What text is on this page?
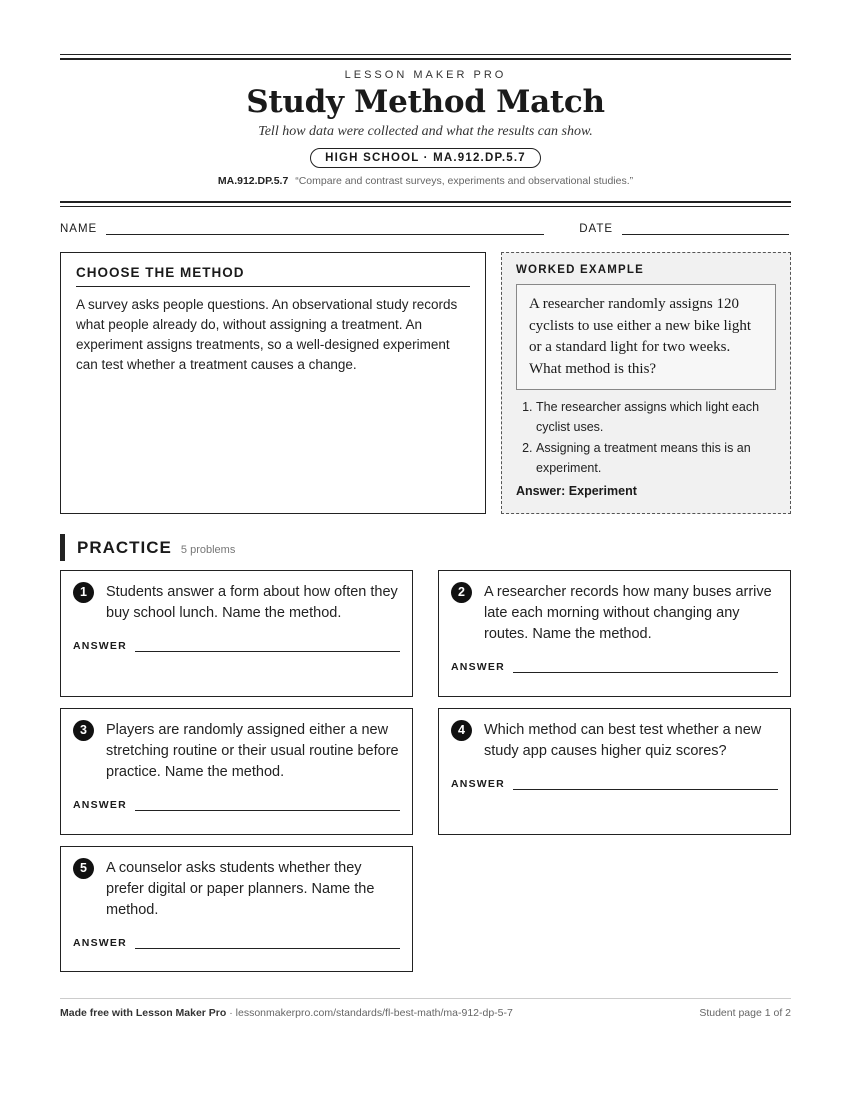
LESSON MAKER PRO
Study Method Match
Tell how data were collected and what the results can show.
HIGH SCHOOL · MA.912.DP.5.7
MA.912.DP.5.7 “Compare and contrast surveys, experiments and observational studies.”
NAME	DATE
CHOOSE THE METHOD

A survey asks people questions. An observational study records what people already do, without assigning a treatment. An experiment assigns treatments, so a well-designed experiment can test whether a treatment causes a change.

WORKED EXAMPLE
A researcher randomly assigns 120 cyclists to use either a new bike light or a standard light for two weeks. What method is this?
1. The researcher assigns which light each cyclist uses.
2. Assigning a treatment means this is an experiment.
Answer: Experiment
PRACTICE 5 problems
1	Students answer a form about how often they buy school lunch. Name the method.
ANSWER
2	A researcher records how many buses arrive late each morning without changing any routes. Name the method.
ANSWER
3	Players are randomly assigned either a new stretching routine or their usual routine before practice. Name the method.
ANSWER
4	Which method can best test whether a new study app causes higher quiz scores?
ANSWER
5	A counselor asks students whether they prefer digital or paper planners. Name the method.
ANSWER
Made free with Lesson Maker Pro · lessonmakerpro.com/standards/fl-best-math/ma-912-dp-5-7	Student page 1 of 2
